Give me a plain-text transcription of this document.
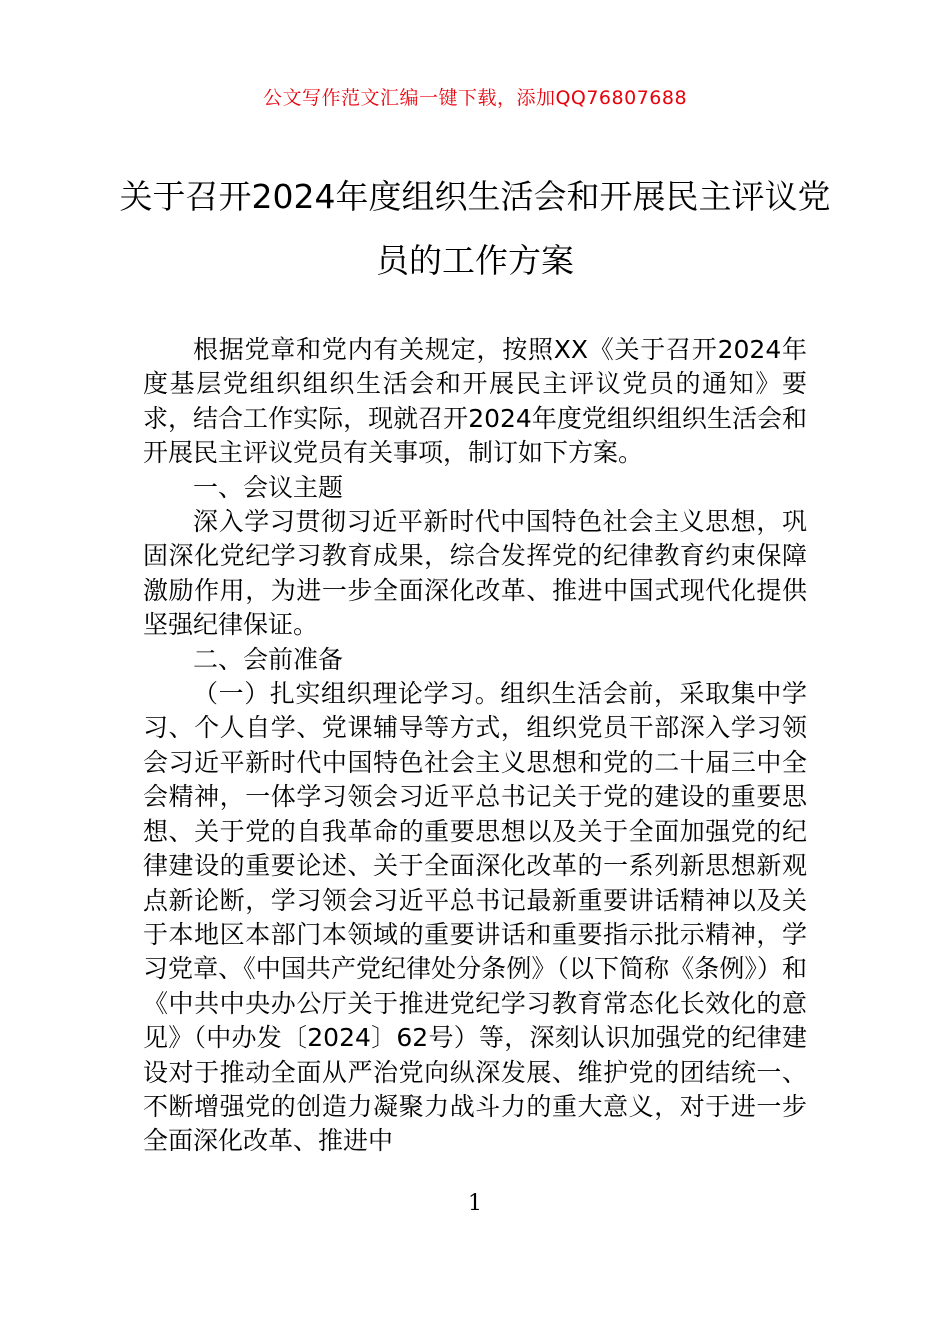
公文写作范文汇编一键下载，添加QQ76807688
关于召开2024年度组织生活会和开展民主评议党员的工作方案

根据党章和党内有关规定，按照XX《关于召开2024年度基层党组织组织生活会和开展民主评议党员的通知》要求，结合工作实际，现就召开2024年度党组织组织生活会和开展民主评议党员有关事项，制订如下方案。

一、会议主题

深入学习贯彻习近平新时代中国特色社会主义思想，巩固深化党纪学习教育成果，综合发挥党的纪律教育约束保障激励作用，为进一步全面深化改革、推进中国式现代化提供坚强纪律保证。

二、会前准备

（一）扎实组织理论学习。组织生活会前，采取集中学习、个人自学、党课辅导等方式，组织党员干部深入学习领会习近平新时代中国特色社会主义思想和党的二十届三中全会精神，一体学习领会习近平总书记关于党的建设的重要思想、关于党的自我革命的重要思想以及关于全面加强党的纪律建设的重要论述、关于全面深化改革的一系列新思想新观点新论断，学习领会习近平总书记最新重要讲话精神以及关于本地区本部门本领域的重要讲话和重要指示批示精神，学习党章、《中国共产党纪律处分条例》（以下简称《条例》）和《中共中央办公厅关于推进党纪学习教育常态化长效化的意见》（中办发〔2024〕62号）等，深刻认识加强党的纪律建设对于推动全面从严治党向纵深发展、维护党的团结统一、不断增强党的创造力凝聚力战斗力的重大意义，对于进一步全面深化改革、推进中

1
